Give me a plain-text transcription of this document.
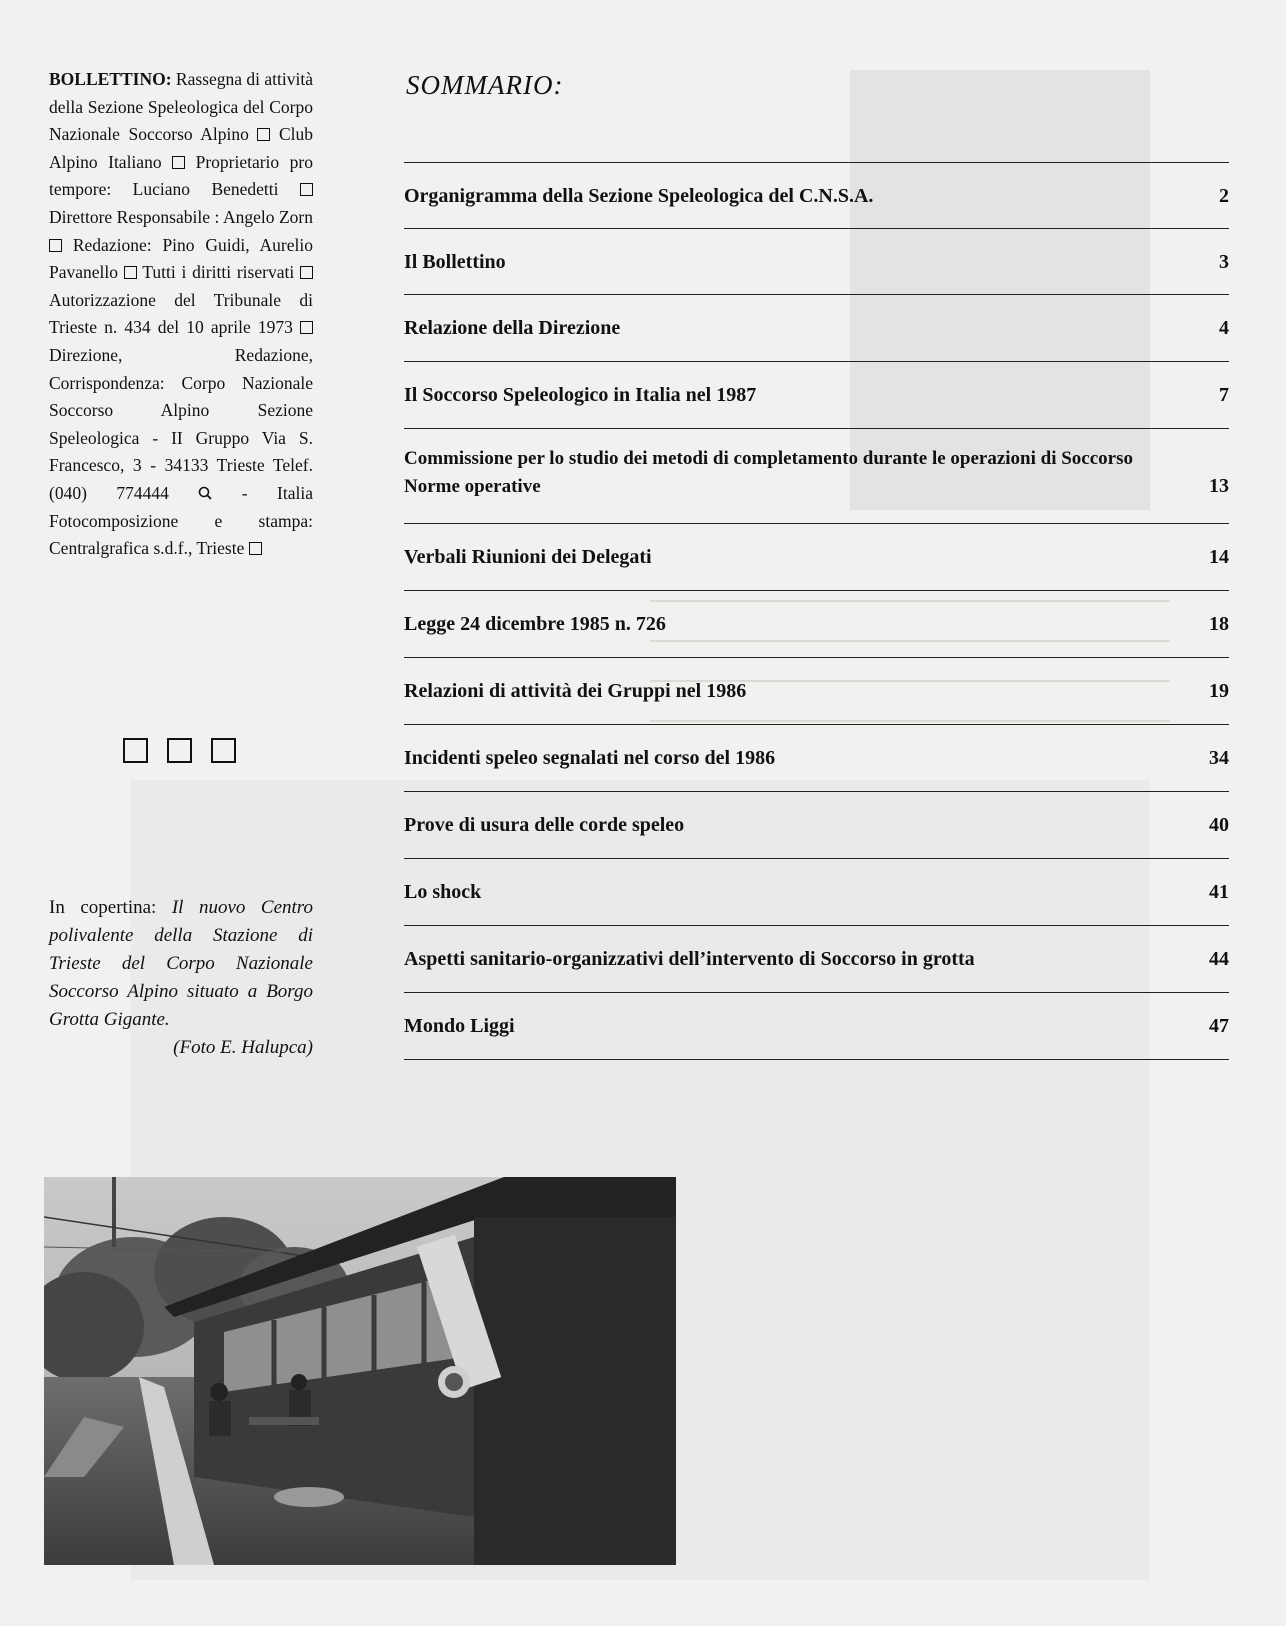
BOLLETTINO: Rassegna di attività della Sezione Speleologica del Corpo Nazionale Soccorso Alpino  Club Alpino Italiano  Proprietario pro tempore: Luciano Benedetti  Direttore Responsabile : Angelo Zorn  Redazione: Pino Guidi, Aurelio Pavanello  Tutti i diritti riservati  Autorizzazione del Tribunale di Trieste n. 434 del 10 aprile 1973  Direzione, Redazione, Corrispondenza: Corpo Nazionale Soccorso Alpino Sezione Speleologica - II Gruppo Via S. Francesco, 3 - 34133 Trieste Telef. (040) 774444  - Italia Fotocomposizione e stampa: Centralgrafica s.d.f., Trieste
In copertina: Il nuovo Centro polivalente della Stazione di Trieste del Corpo Nazionale Soccorso Alpino situato a Borgo Grotta Gigante.
(Foto E. Halupca)
SOMMARIO:
Organigramma della Sezione Speleologica del C.N.S.A.	2
Il Bollettino	3
Relazione della Direzione	4
Il Soccorso Speleologico in Italia nel 1987	7
Commissione per lo studio dei metodi di completamento durante le operazioni di Soccorso
Norme operative	13
Verbali Riunioni dei Delegati	14
Legge 24 dicembre 1985 n. 726	18
Relazioni di attività dei Gruppi nel 1986	19
Incidenti speleo segnalati nel corso del 1986	34
Prove di usura delle corde speleo	40
Lo shock	41
Aspetti sanitario-organizzativi dell’intervento di Soccorso in grotta	44
Mondo Liggi	47
